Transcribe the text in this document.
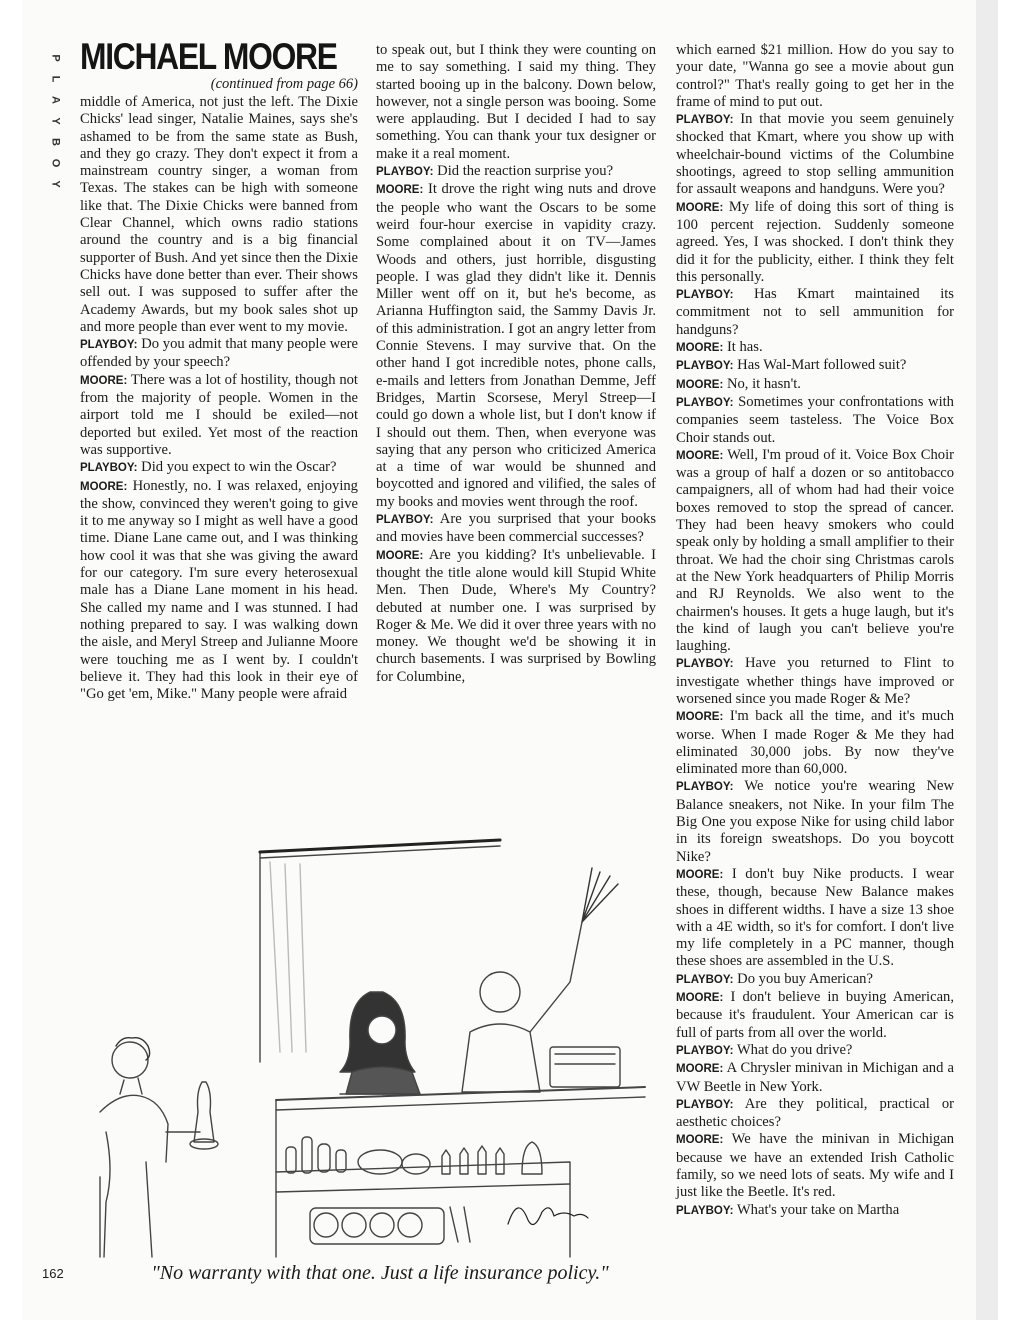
P
L
A
Y
B
O
Y
MICHAEL MOORE
(continued from page 66)

middle of America, not just the left. The Dixie Chicks' lead singer, Natalie Maines, says she's ashamed to be from the same state as Bush, and they go crazy. They don't expect it from a mainstream country singer, a woman from Texas. The stakes can be high with someone like that. The Dixie Chicks were banned from Clear Channel, which owns radio stations around the country and is a big financial supporter of Bush. And yet since then the Dixie Chicks have done better than ever. Their shows sell out. I was supposed to suffer after the Academy Awards, but my book sales shot up and more people than ever went to my movie.

PLAYBOY: Do you admit that many people were offended by your speech?

MOORE: There was a lot of hostility, though not from the majority of people. Women in the airport told me I should be exiled—not deported but exiled. Yet most of the reaction was supportive.

PLAYBOY: Did you expect to win the Oscar?

MOORE: Honestly, no. I was relaxed, enjoying the show, convinced they weren't going to give it to me anyway so I might as well have a good time. Diane Lane came out, and I was thinking how cool it was that she was giving the award for our category. I'm sure every heterosexual male has a Diane Lane moment in his head. She called my name and I was stunned. I had nothing prepared to say. I was walking down the aisle, and Meryl Streep and Julianne Moore were touching me as I went by. I couldn't believe it. They had this look in their eye of "Go get 'em, Mike." Many people were afraid

to speak out, but I think they were counting on me to say something. I said my thing. They started booing up in the balcony. Down below, however, not a single person was booing. Some were applauding. But I decided I had to say something. You can thank your tux designer or make it a real moment.

PLAYBOY: Did the reaction surprise you?

MOORE: It drove the right wing nuts and drove the people who want the Oscars to be some weird four-hour exercise in vapidity crazy. Some complained about it on TV—James Woods and others, just horrible, disgusting people. I was glad they didn't like it. Dennis Miller went off on it, but he's become, as Arianna Huffington said, the Sammy Davis Jr. of this administration. I got an angry letter from Connie Stevens. I may survive that. On the other hand I got incredible notes, phone calls, e-mails and letters from Jonathan Demme, Jeff Bridges, Martin Scorsese, Meryl Streep—I could go down a whole list, but I don't know if I should out them. Then, when everyone was saying that any person who criticized America at a time of war would be shunned and boycotted and ignored and vilified, the sales of my books and movies went through the roof.

PLAYBOY: Are you surprised that your books and movies have been commercial successes?

MOORE: Are you kidding? It's unbelievable. I thought the title alone would kill Stupid White Men. Then Dude, Where's My Country? debuted at number one. I was surprised by Roger & Me. We did it over three years with no money. We thought we'd be showing it in church basements. I was surprised by Bowling for Columbine,

which earned $21 million. How do you say to your date, "Wanna go see a movie about gun control?" That's really going to get her in the frame of mind to put out.

PLAYBOY: In that movie you seem genuinely shocked that Kmart, where you show up with wheelchair-bound victims of the Columbine shootings, agreed to stop selling ammunition for assault weapons and handguns. Were you?

MOORE: My life of doing this sort of thing is 100 percent rejection. Suddenly someone agreed. Yes, I was shocked. I don't think they did it for the publicity, either. I think they felt this personally.

PLAYBOY: Has Kmart maintained its commitment not to sell ammunition for handguns?

MOORE: It has.

PLAYBOY: Has Wal-Mart followed suit?

MOORE: No, it hasn't.

PLAYBOY: Sometimes your confrontations with companies seem tasteless. The Voice Box Choir stands out.

MOORE: Well, I'm proud of it. Voice Box Choir was a group of half a dozen or so antitobacco campaigners, all of whom had had their voice boxes removed to stop the spread of cancer. They had been heavy smokers who could speak only by holding a small amplifier to their throat. We had the choir sing Christmas carols at the New York headquarters of Philip Morris and RJ Reynolds. We also went to the chairmen's houses. It gets a huge laugh, but it's the kind of laugh you can't believe you're laughing.

PLAYBOY: Have you returned to Flint to investigate whether things have improved or worsened since you made Roger & Me?

MOORE: I'm back all the time, and it's much worse. When I made Roger & Me they had eliminated 30,000 jobs. By now they've eliminated more than 60,000.

PLAYBOY: We notice you're wearing New Balance sneakers, not Nike. In your film The Big One you expose Nike for using child labor in its foreign sweatshops. Do you boycott Nike?

MOORE: I don't buy Nike products. I wear these, though, because New Balance makes shoes in different widths. I have a size 13 shoe with a 4E width, so it's for comfort. I don't live my life completely in a PC manner, though these shoes are assembled in the U.S.

PLAYBOY: Do you buy American?

MOORE: I don't believe in buying American, because it's fraudulent. Your American car is full of parts from all over the world.

PLAYBOY: What do you drive?

MOORE: A Chrysler minivan in Michigan and a VW Beetle in New York.

PLAYBOY: Are they political, practical or aesthetic choices?

MOORE: We have the minivan in Michigan because we have an extended Irish Catholic family, so we need lots of seats. My wife and I just like the Beetle. It's red.

PLAYBOY: What's your take on Martha

"No warranty with that one. Just a life insurance policy."
162
